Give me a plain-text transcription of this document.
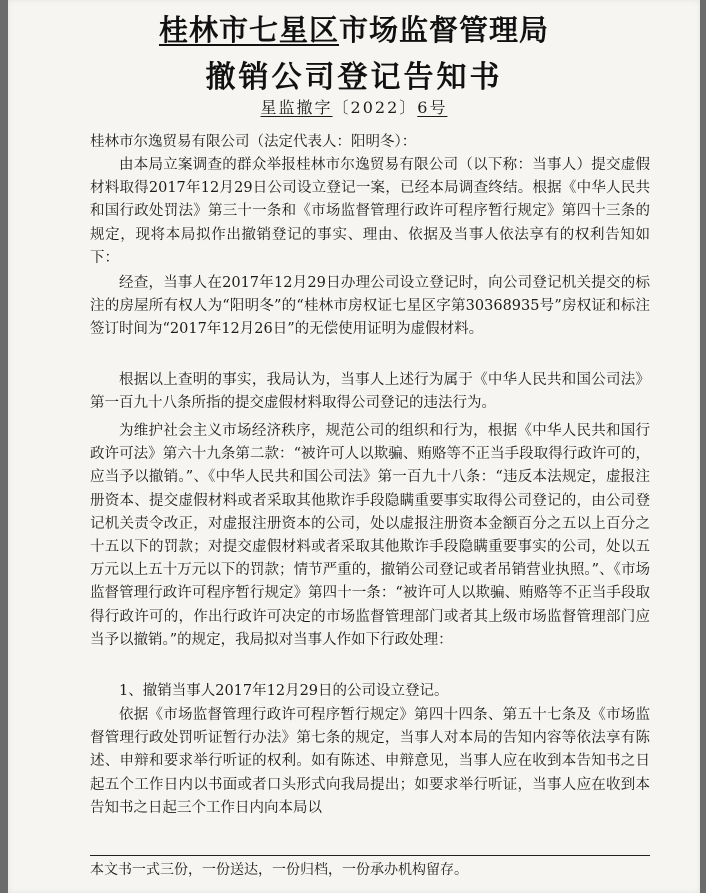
桂林市七星区市场监督管理局
撤销公司登记告知书
星监撤字〔2022〕6号
桂林市尔逸贸易有限公司（法定代表人：阳明冬）：

由本局立案调查的群众举报桂林市尔逸贸易有限公司（以下称：当事人）提交虚假材料取得2017年12月29日公司设立登记一案，已经本局调查终结。根据《中华人民共和国行政处罚法》第三十一条和《市场监督管理行政许可程序暂行规定》第四十三条的规定，现将本局拟作出撤销登记的事实、理由、依据及当事人依法享有的权利告知如下：

经查，当事人在2017年12月29日办理公司设立登记时，向公司登记机关提交的标注的房屋所有权人为“阳明冬”的“桂林市房权证七星区字第30368935号”房权证和标注签订时间为“2017年12月26日”的无偿使用证明为虚假材料。

根据以上查明的事实，我局认为，当事人上述行为属于《中华人民共和国公司法》第一百九十八条所指的提交虚假材料取得公司登记的违法行为。

为维护社会主义市场经济秩序，规范公司的组织和行为，根据《中华人民共和国行政许可法》第六十九条第二款：“被许可人以欺骗、贿赂等不正当手段取得行政许可的，应当予以撤销。”、《中华人民共和国公司法》第一百九十八条：“违反本法规定，虚报注册资本、提交虚假材料或者采取其他欺诈手段隐瞒重要事实取得公司登记的，由公司登记机关责令改正，对虚报注册资本的公司，处以虚报注册资本金额百分之五以上百分之十五以下的罚款；对提交虚假材料或者采取其他欺诈手段隐瞒重要事实的公司，处以五万元以上五十万元以下的罚款；情节严重的，撤销公司登记或者吊销营业执照。”、《市场监督管理行政许可程序暂行规定》第四十一条：“被许可人以欺骗、贿赂等不正当手段取得行政许可的，作出行政许可决定的市场监督管理部门或者其上级市场监督管理部门应当予以撤销。”的规定，我局拟对当事人作如下行政处理：

1、撤销当事人2017年12月29日的公司设立登记。

依据《市场监督管理行政许可程序暂行规定》第四十四条、第五十七条及《市场监督管理行政处罚听证暂行办法》第七条的规定，当事人对本局的告知内容等依法享有陈述、申辩和要求举行听证的权利。如有陈述、申辩意见，当事人应在收到本告知书之日起五个工作日内以书面或者口头形式向我局提出；如要求举行听证，当事人应在收到本告知书之日起三个工作日内向本局以

本文书一式三份，一份送达，一份归档，一份承办机构留存。
